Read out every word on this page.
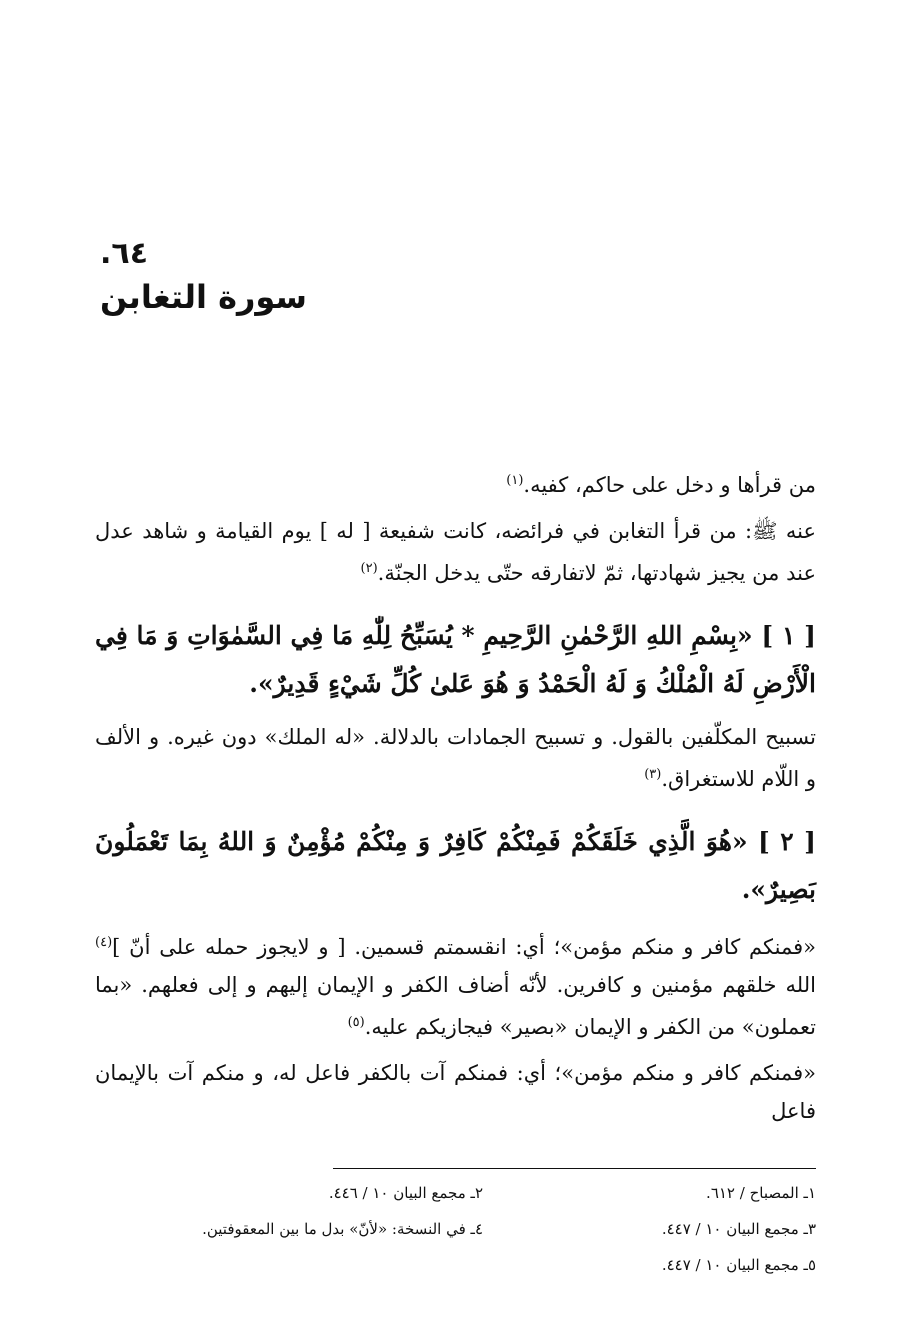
٦٤.
سورة التغابن

من قرأها و دخل على حاكم، كفيه.$^{(١)}$

عنه ﷺ: من قرأ التغابن في فرائضه، كانت شفيعة [ له ] يوم القيامة و شاهد عدل عند من يجيز شهادتها، ثمّ لاتفارقه حتّى يدخل الجنّة.$^{(٢)}$

[ ١ ] «بِسْمِ اللهِ الرَّحْمٰنِ الرَّحِيمِ * يُسَبِّحُ لِلّٰهِ مَا فِي السَّمٰوَاتِ وَ مَا فِي الْأَرْضِ لَهُ الْمُلْكُ وَ لَهُ الْحَمْدُ وَ هُوَ عَلىٰ كُلِّ شَيْءٍ قَدِيرٌ».

تسبيح المكلّفين بالقول. و تسبيح الجمادات بالدلالة. «له الملك» دون غيره. و الألف و اللّام للاستغراق.$^{(٣)}$

[ ٢ ] «هُوَ الَّذِي خَلَقَكُمْ فَمِنْكُمْ كَافِرٌ وَ مِنْكُمْ مُؤْمِنٌ وَ اللهُ بِمَا تَعْمَلُونَ بَصِيرٌ».

«فمنكم كافر و منكم مؤمن»؛ أي: انقسمتم قسمين. [ و لايجوز حمله على أنّ ]$^{(٤)}$ الله خلقهم مؤمنين و كافرين. لأنّه أضاف الكفر و الإيمان إليهم و إلى فعلهم. «بما تعملون» من الكفر و الإيمان «بصير» فيجازيكم عليه.$^{(٥)}$

«فمنكم كافر و منكم مؤمن»؛ أي: فمنكم آت بالكفر فاعل له، و منكم آت بالإيمان فاعل

١ـ المصباح / ٦١٢.
٢ـ مجمع البيان ١٠ / ٤٤٦.
٣ـ مجمع البيان ١٠ / ٤٤٧.
٤ـ في النسخة: «لأنّ» بدل ما بين المعقوفتين.
٥ـ مجمع البيان ١٠ / ٤٤٧.
